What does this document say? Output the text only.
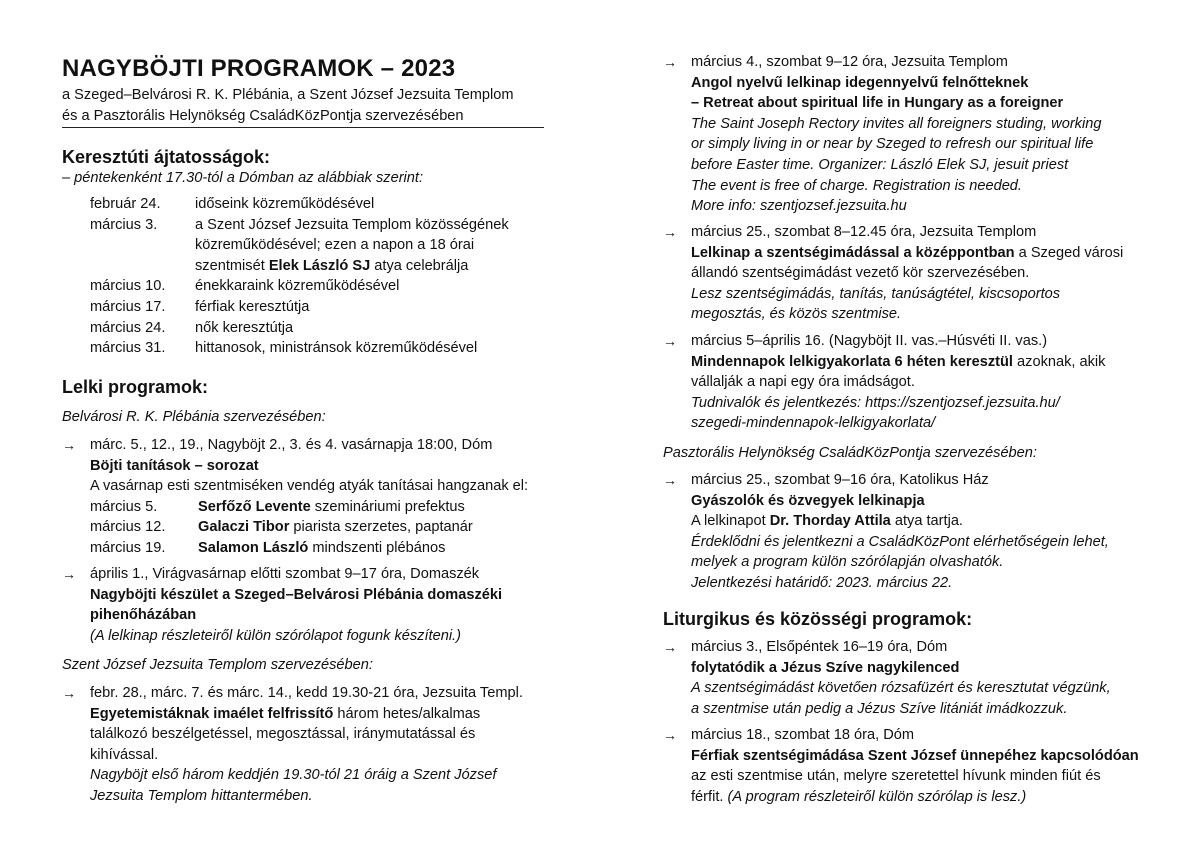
NAGYBÖJTI PROGRAMOK – 2023
a Szeged–Belvárosi R. K. Plébánia, a Szent József Jezsuita Templom
és a Pasztorális Helynökség CsaládKözPontja szervezésében
Keresztúti ájtatosságok:
– péntekenként 17.30-tól a Dómban az alábbiak szerint:
február 24.	időseink közreműködésével
március 3.	a Szent József Jezsuita Templom közösségének
közreműködésével; ezen a napon a 18 órai
szentmisét Elek László SJ atya celebrálja
március 10.	énekkaraink közreműködésével
március 17.	férfiak keresztútja
március 24.	nők keresztútja
március 31.	hittanosok, ministránsok közreműködésével
Lelki programok:
Belvárosi R. K. Plébánia szervezésében:
→ márc. 5., 12., 19., Nagyböjt 2., 3. és 4. vasárnapja 18:00, Dóm
Böjti tanítások – sorozat
A vasárnap esti szentmiséken vendég atyák tanításai hangzanak el:
március 5.	Serfőző Levente szemináriumi prefektus
március 12.	Galaczi Tibor piarista szerzetes, paptanár
március 19.	Salamon László mindszenti plébános
→ április 1., Virágvasárnap előtti szombat 9–17 óra, Domaszék
Nagyböjti készület a Szeged–Belvárosi Plébánia domaszéki
pihenőházában
(A lelkinap részleteiről külön szórólapot fogunk készíteni.)
Szent József Jezsuita Templom szervezésében:
→ febr. 28., márc. 7. és márc. 14., kedd 19.30-21 óra, Jezsuita Templ.
Egyetemistáknak imaélet felfrissítő három hetes/alkalmas
találkozó beszélgetéssel, megosztással, iránymutatással és
kihívással.
Nagyböjt első három keddjén 19.30-tól 21 óráig a Szent József
Jezsuita Templom hittantermében.
→ március 4., szombat 9–12 óra, Jezsuita Templom
Angol nyelvű lelkinap idegennyelvű felnőtteknek
– Retreat about spiritual life in Hungary as a foreigner
The Saint Joseph Rectory invites all foreigners studing, working
or simply living in or near by Szeged to refresh our spiritual life
before Easter time. Organizer: László Elek SJ, jesuit priest
The event is free of charge. Registration is needed.
More info: szentjozsef.jezsuita.hu
→ március 25., szombat 8–12.45 óra, Jezsuita Templom
Lelkinap a szentségimádással a középpontban a Szeged városi
állandó szentségimádást vezető kör szervezésében.
Lesz szentségimádás, tanítás, tanúságtétel, kiscsoportos
megosztás, és közös szentmise.
→ március 5–április 16. (Nagyböjt II. vas.–Húsvéti II. vas.)
Mindennapok lelkigyakorlata 6 héten keresztül azoknak, akik
vállalják a napi egy óra imádságot.
Tudnivalók és jelentkezés: https://szentjozsef.jezsuita.hu/
szegedi-mindennapok-lelkigyakorlata/
Pasztorális Helynökség CsaládKözPontja szervezésében:
→ március 25., szombat 9–16 óra, Katolikus Ház
Gyászolók és özvegyek lelkinapja
A lelkinapot Dr. Thorday Attila atya tartja.
Érdeklődni és jelentkezni a CsaládKözPont elérhetőségein lehet,
melyek a program külön szórólapján olvashatók.
Jelentkezési határidő: 2023. március 22.
Liturgikus és közösségi programok:
→ március 3., Elsőpéntek 16–19 óra, Dóm
folytatódik a Jézus Szíve nagykilenced
A szentségimádást követően rózsafüzért és keresztutat végzünk,
a szentmise után pedig a Jézus Szíve litániát imádkozzuk.
→ március 18., szombat 18 óra, Dóm
Férfiak szentségimádása Szent József ünnepéhez kapcsolódóan
az esti szentmise után, melyre szeretettel hívunk minden fiút és
férfit. (A program részleteiről külön szórólap is lesz.)
